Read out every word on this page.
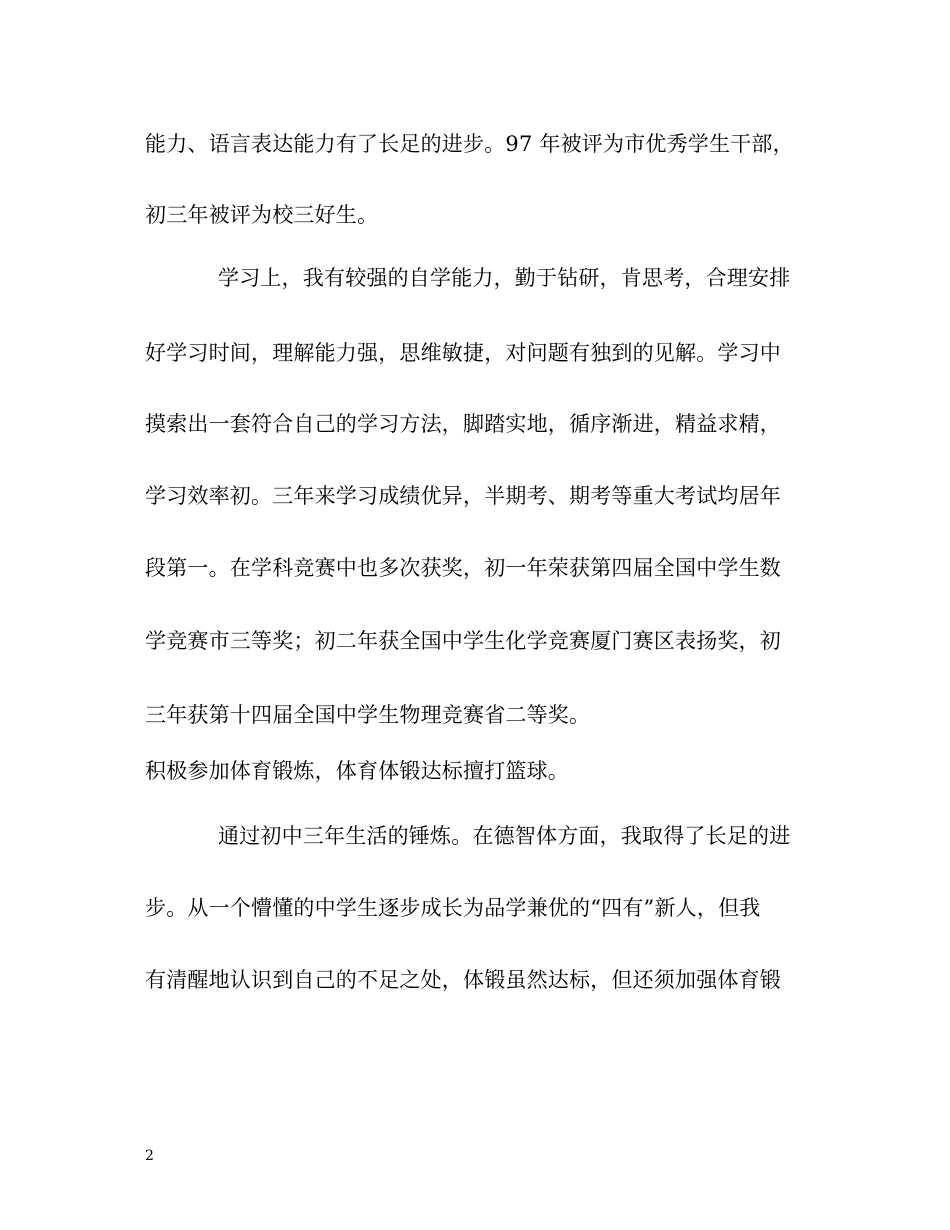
能力、语言表达能力有了长足的进步。97 年被评为市优秀学生干部，
初三年被评为校三好生。
学习上，我有较强的自学能力，勤于钻研，肯思考，合理安排
好学习时间，理解能力强，思维敏捷，对问题有独到的见解。学习中
摸索出一套符合自己的学习方法，脚踏实地，循序渐进，精益求精，
学习效率初。三年来学习成绩优异，半期考、期考等重大考试均居年
段第一。在学科竞赛中也多次获奖，初一年荣获第四届全国中学生数
学竞赛市三等奖；初二年获全国中学生化学竞赛厦门赛区表扬奖，初
三年获第十四届全国中学生物理竞赛省二等奖。
积极参加体育锻炼，体育体锻达标擅打篮球。
通过初中三年生活的锤炼。在德智体方面，我取得了长足的进
步。从一个懵懂的中学生逐步成长为品学兼优的“四有”新人，但我
有清醒地认识到自己的不足之处，体锻虽然达标，但还须加强体育锻
2
